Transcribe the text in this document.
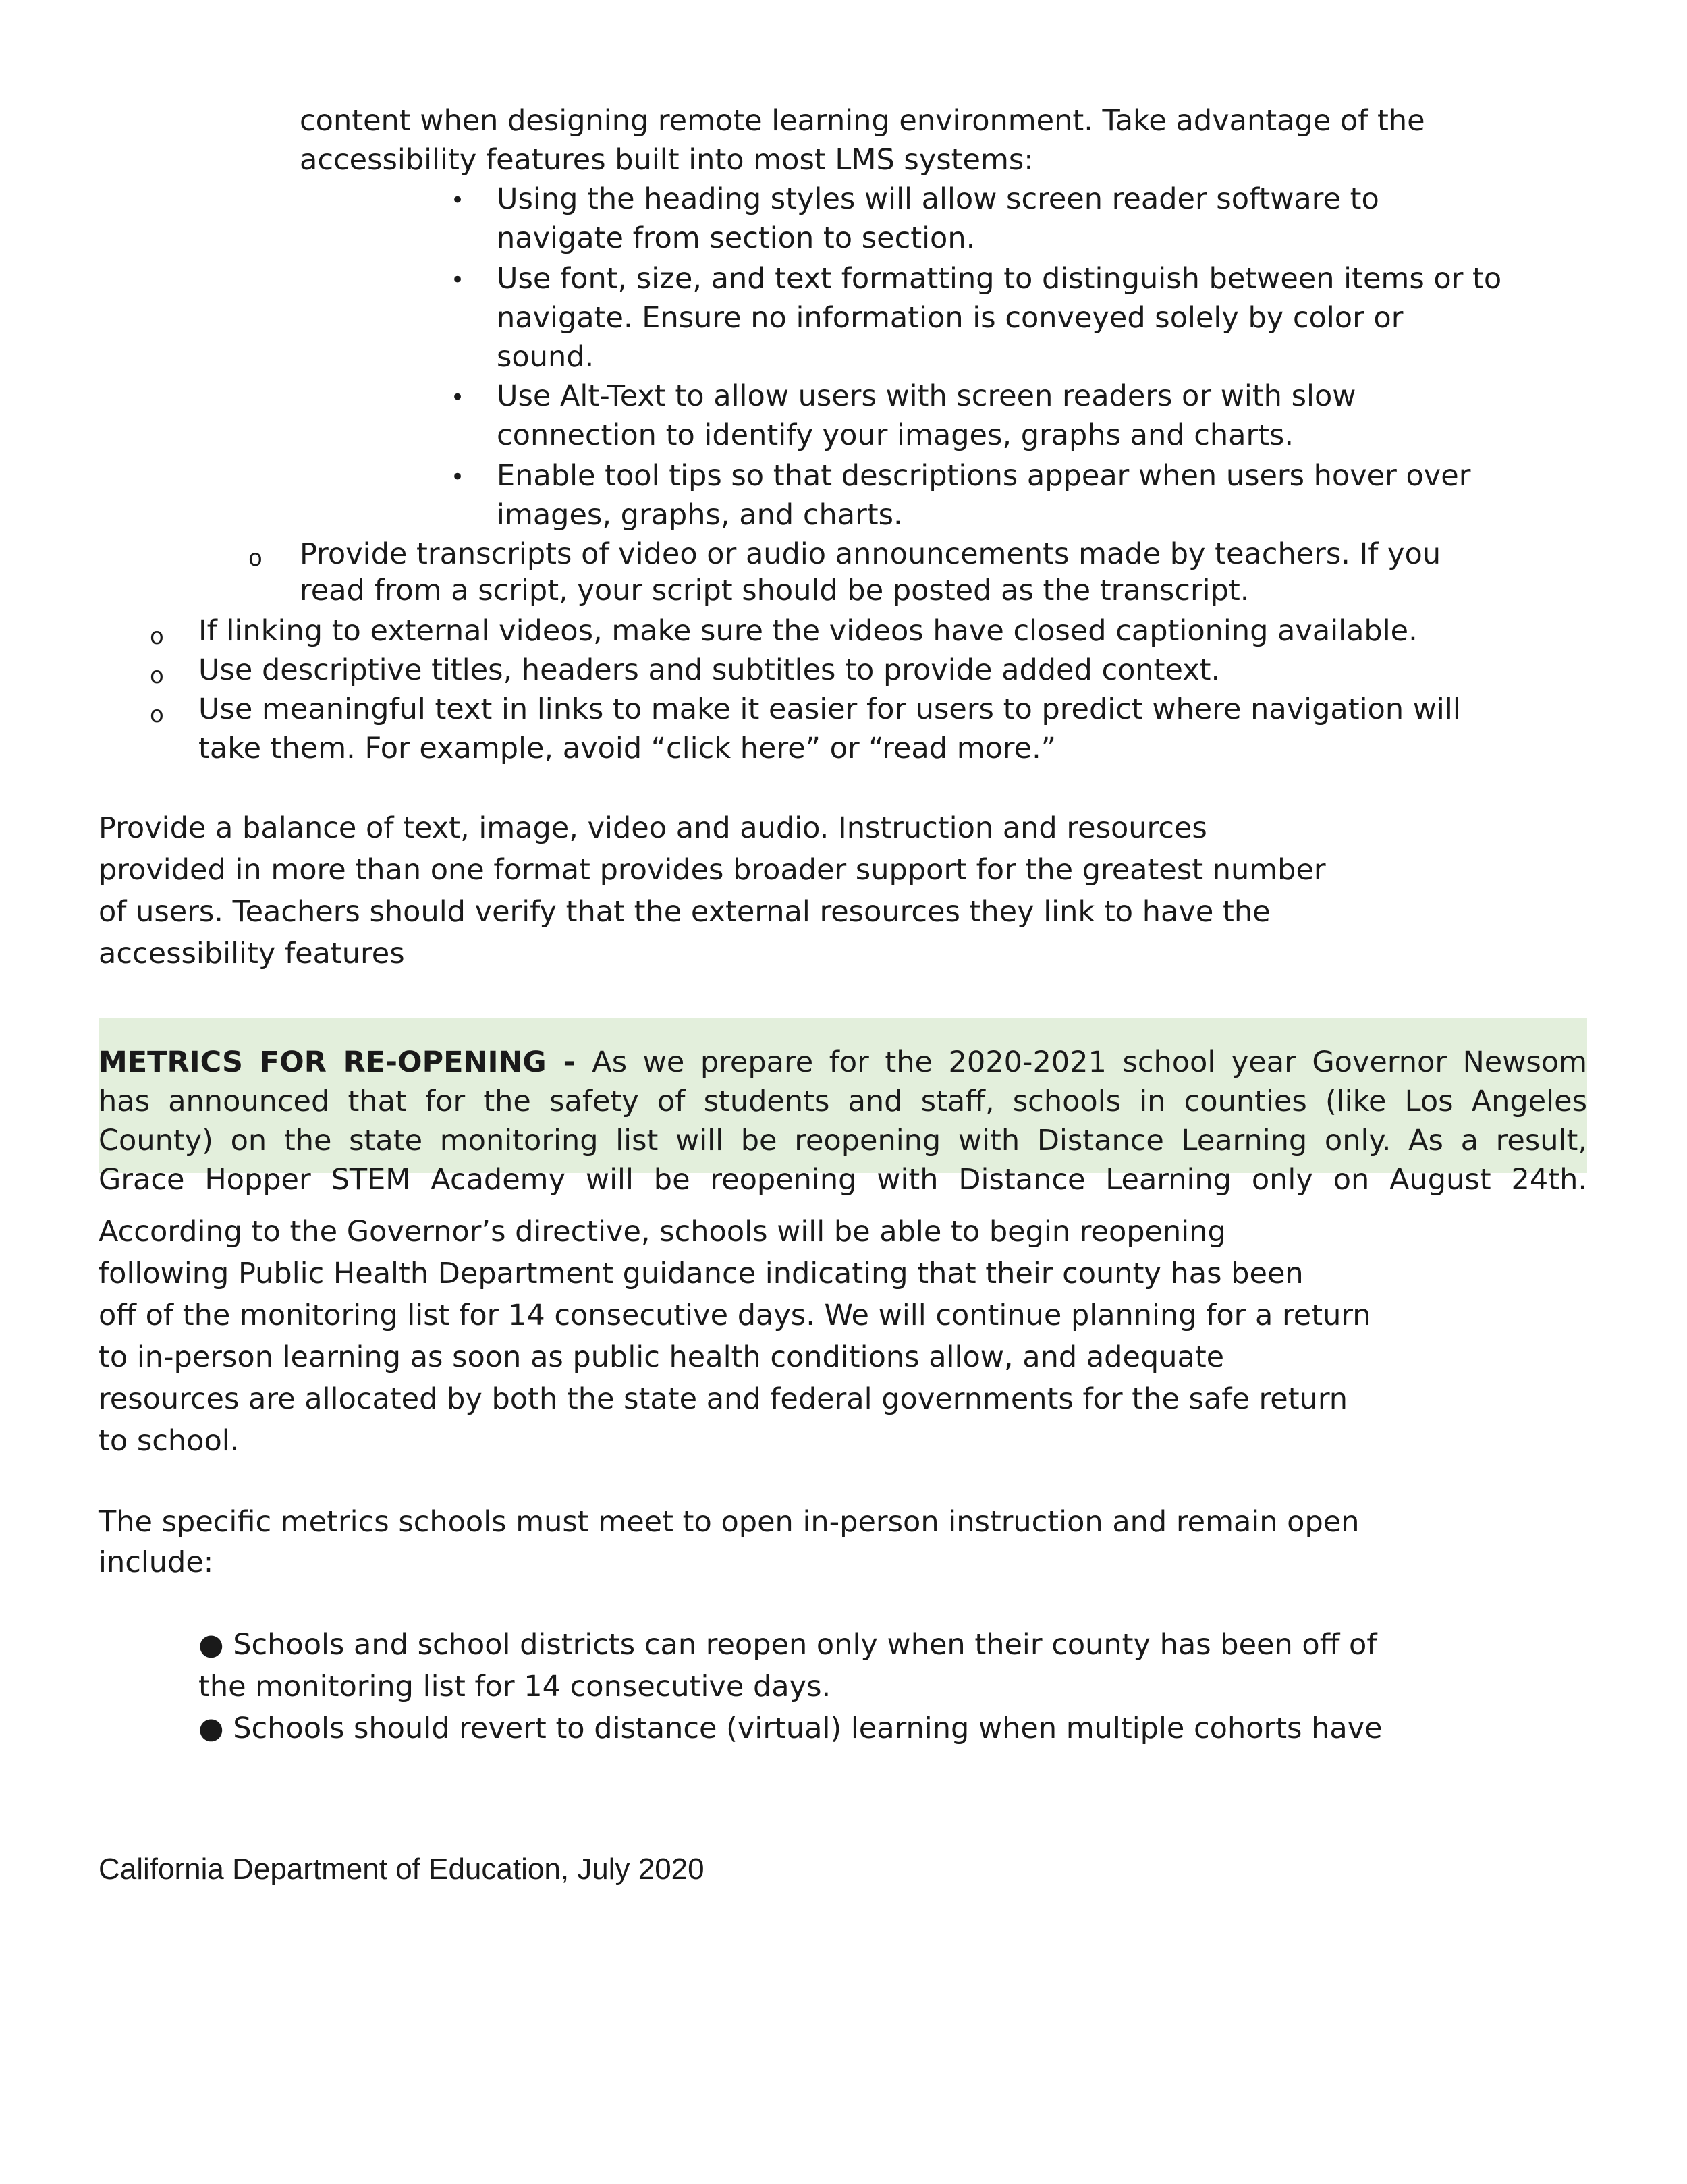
content when designing remote learning environment. Take advantage of the

accessibility features built into most LMS systems:

• Using the heading styles will allow screen reader software to

navigate from section to section.

• Use font, size, and text formatting to distinguish between items or to

navigate. Ensure no information is conveyed solely by color or

sound.

• Use Alt-Text to allow users with screen readers or with slow

connection to identify your images, graphs and charts.

• Enable tool tips so that descriptions appear when users hover over

images, graphs, and charts.

o Provide transcripts of video or audio announcements made by teachers. If you

read from a script, your script should be posted as the transcript.

o If linking to external videos, make sure the videos have closed captioning available.

o Use descriptive titles, headers and subtitles to provide added context.

o Use meaningful text in links to make it easier for users to predict where navigation will

take them. For example, avoid “click here” or “read more.”

Provide a balance of text, image, video and audio. Instruction and resources

provided in more than one format provides broader support for the greatest number

of users. Teachers should verify that the external resources they link to have the

accessibility features

METRICS FOR RE-OPENING - As we prepare for the 2020-2021 school year Governor Newsom

has announced that for the safety of students and staff, schools in counties (like Los Angeles

County) on the state monitoring list will be reopening with Distance Learning only. As a result,

Grace Hopper STEM Academy will be reopening with Distance Learning only on August 24th.

According to the Governor’s directive, schools will be able to begin reopening

following Public Health Department guidance indicating that their county has been

off of the monitoring list for 14 consecutive days. We will continue planning for a return

to in-person learning as soon as public health conditions allow, and adequate

resources are allocated by both the state and federal governments for the safe return

to school.

The specific metrics schools must meet to open in-person instruction and remain open

include:

● Schools and school districts can reopen only when their county has been off of

the monitoring list for 14 consecutive days.

● Schools should revert to distance (virtual) learning when multiple cohorts have

California Department of Education, July 2020
